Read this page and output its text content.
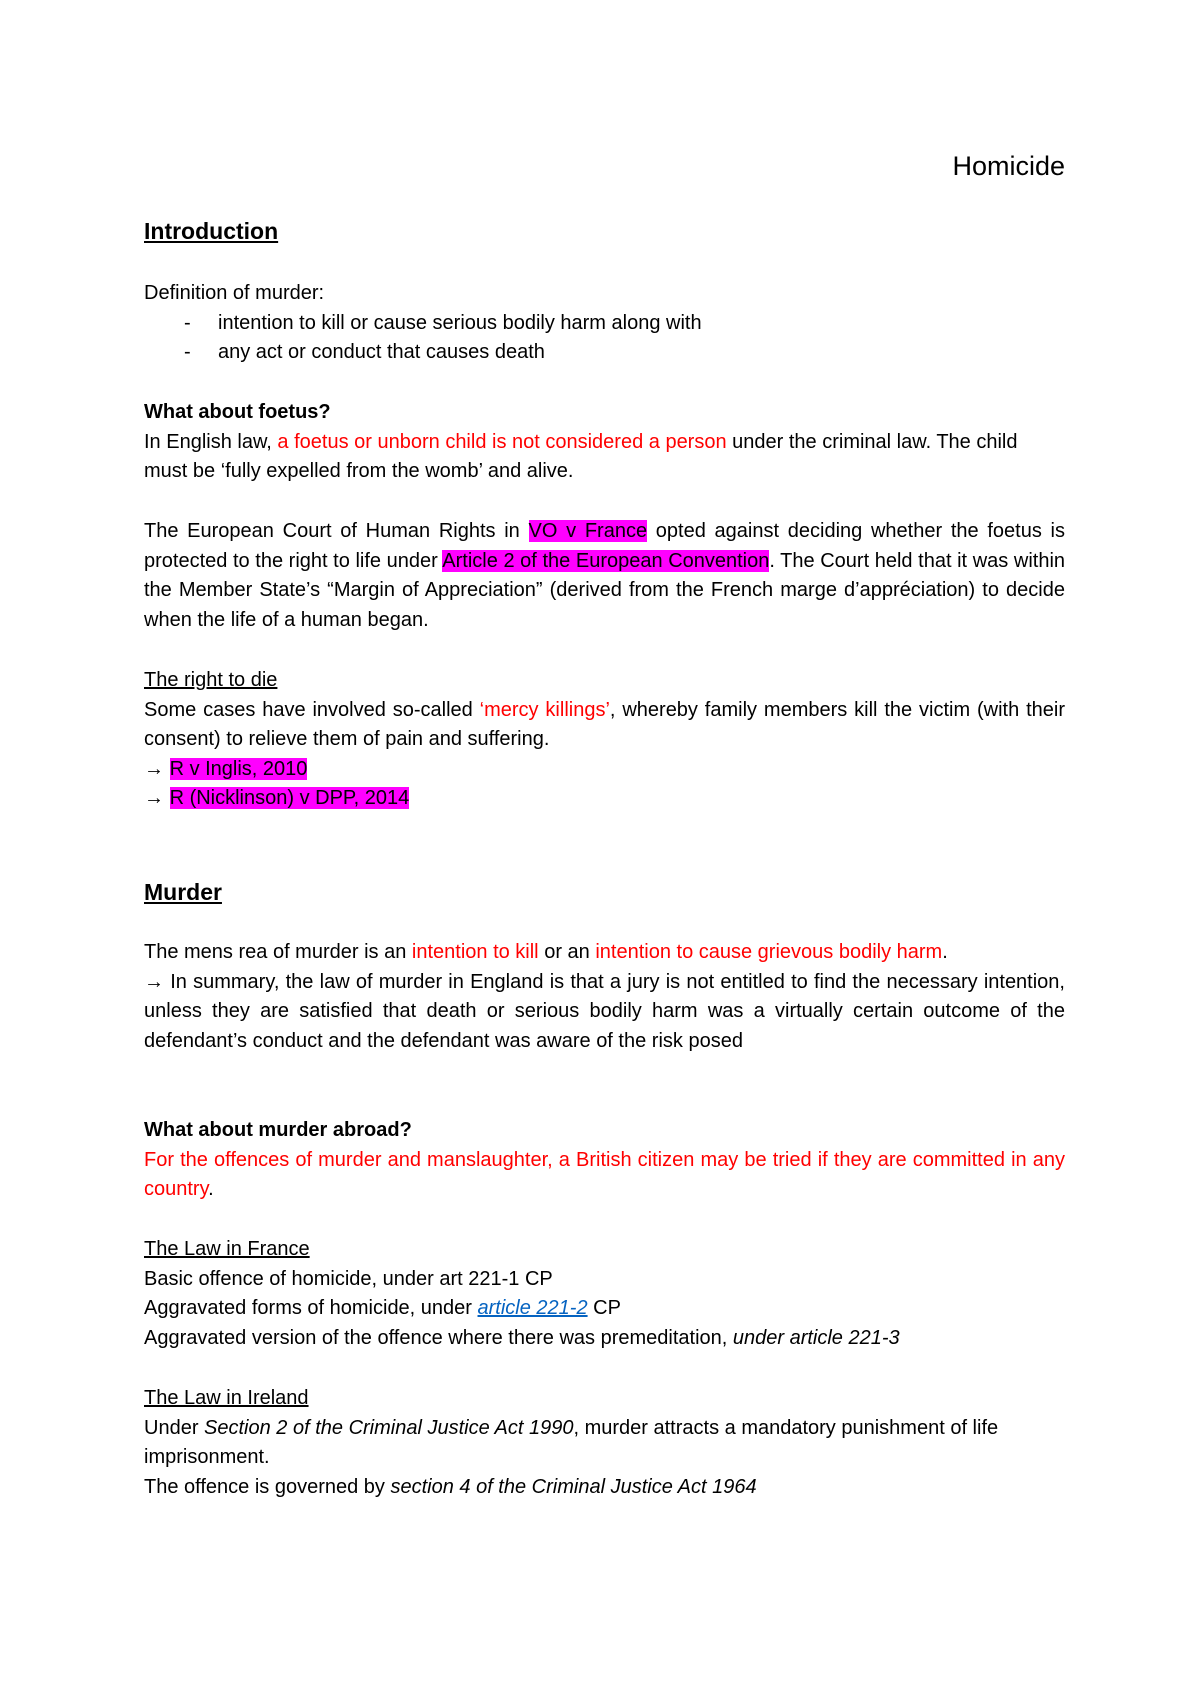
Homicide

Introduction

Definition of murder:

- intention to kill or cause serious bodily harm along with
- any act or conduct that causes death

What about foetus?

In English law, a foetus or unborn child is not considered a person under the criminal law. The child must be ‘fully expelled from the womb’ and alive.

The European Court of Human Rights in VO v France opted against deciding whether the foetus is protected to the right to life under Article 2 of the European Convention. The Court held that it was within the Member State’s “Margin of Appreciation” (derived from the French marge d’appréciation) to decide when the life of a human began.

The right to die

Some cases have involved so-called ‘mercy killings’, whereby family members kill the victim (with their consent) to relieve them of pain and suffering.

→ R v Inglis, 2010

→ R (Nicklinson) v DPP, 2014

Murder

The mens rea of murder is an intention to kill or an intention to cause grievous bodily harm.

→ In summary, the law of murder in England is that a jury is not entitled to find the necessary intention, unless they are satisfied that death or serious bodily harm was a virtually certain outcome of the defendant’s conduct and the defendant was aware of the risk posed

What about murder abroad?

For the offences of murder and manslaughter, a British citizen may be tried if they are committed in any country.

The Law in France

Basic offence of homicide, under art 221-1 CP

Aggravated forms of homicide, under article 221-2 CP

Aggravated version of the offence where there was premeditation, under article 221-3

The Law in Ireland

Under Section 2 of the Criminal Justice Act 1990, murder attracts a mandatory punishment of life imprisonment.

The offence is governed by section 4 of the Criminal Justice Act 1964
